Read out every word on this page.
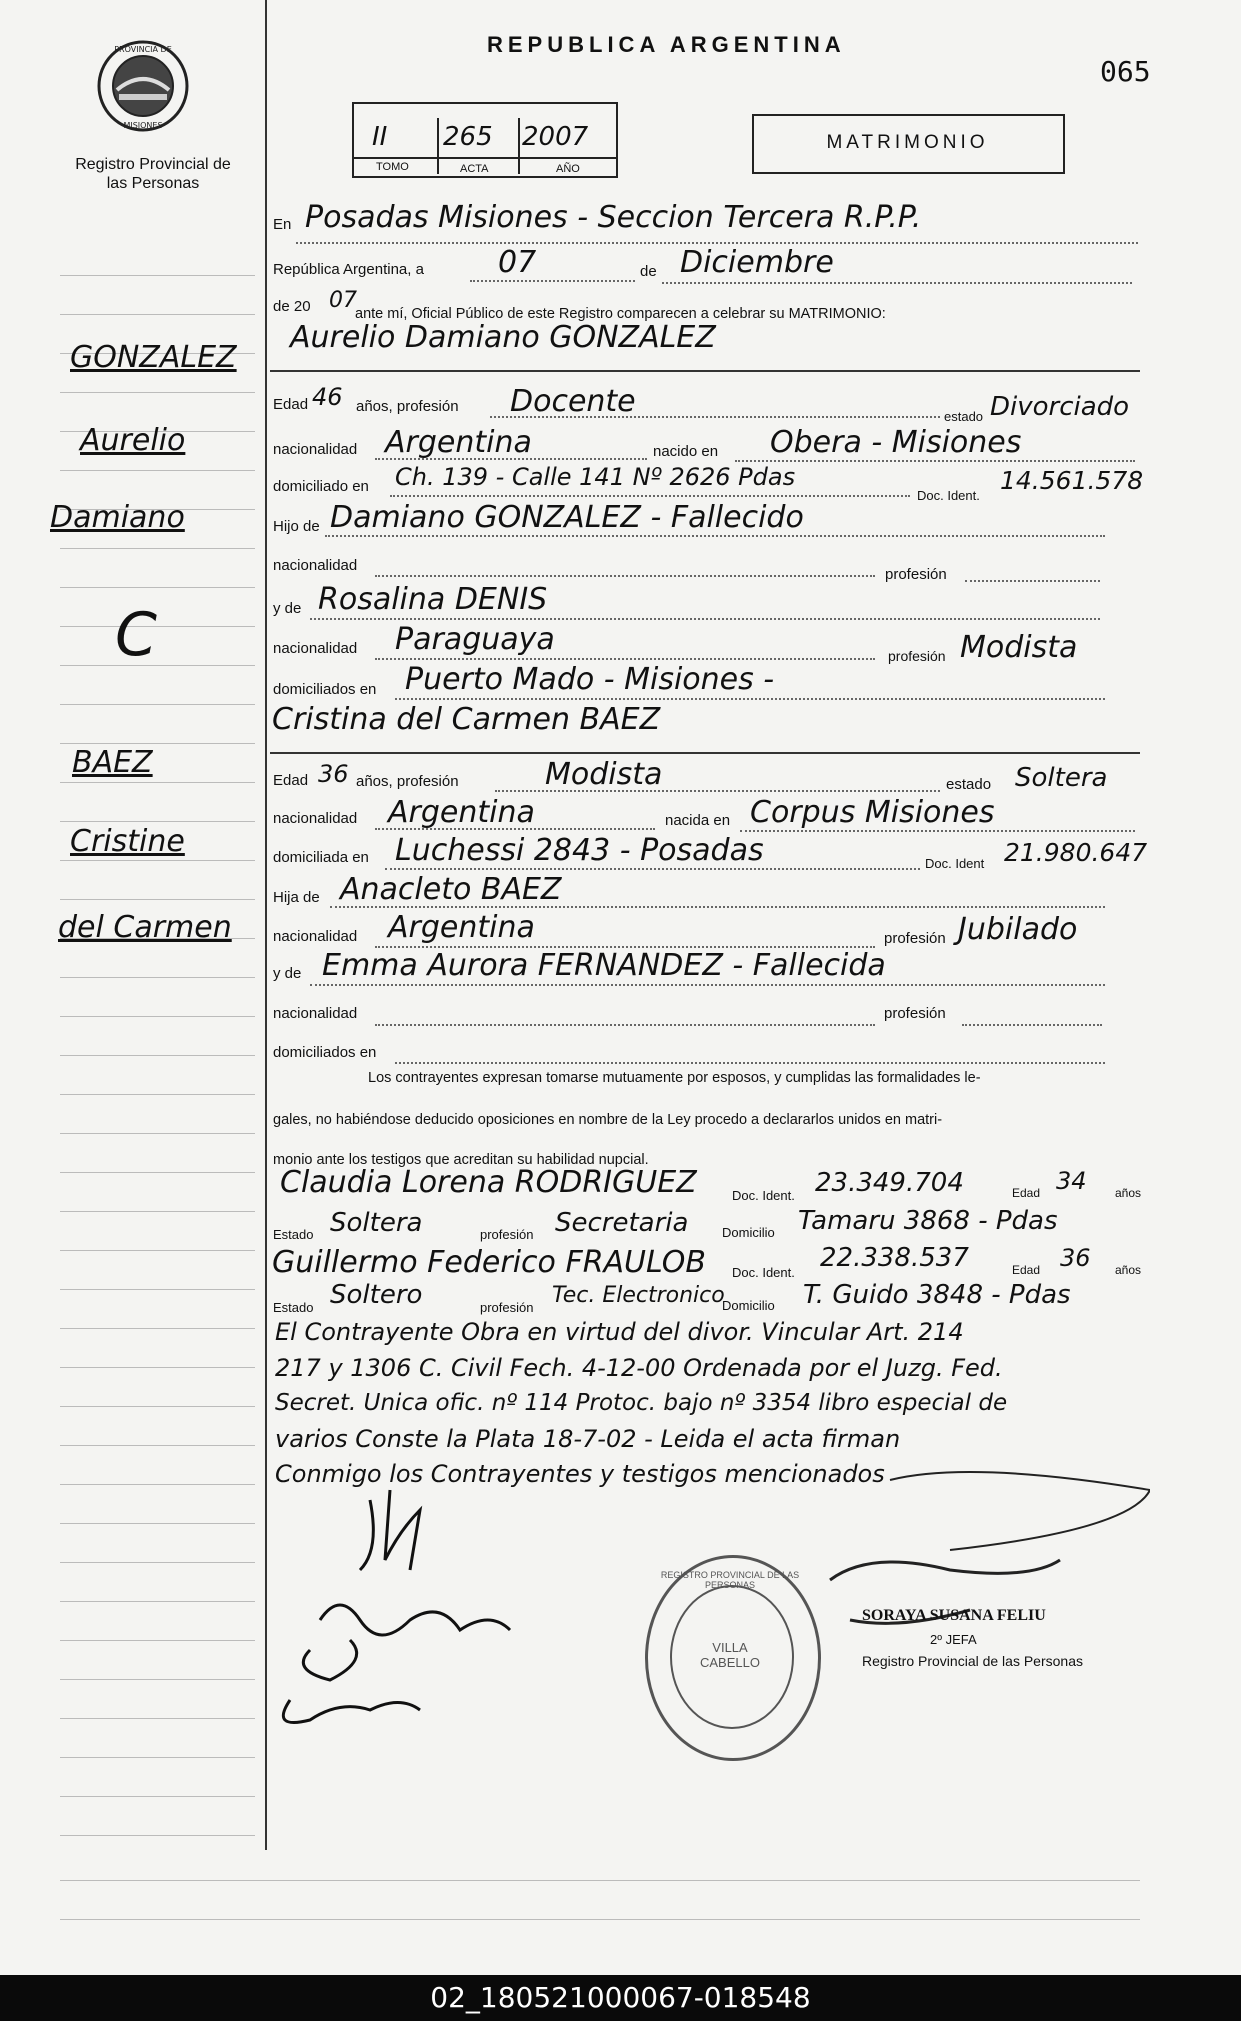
PROVINCIA DE
MISIONES
Registro Provincial de las Personas
REPUBLICA ARGENTINA
065
II 265 2007
TOMO	ACTA	AÑO
MATRIMONIO
GONZALEZ
Aurelio
Damiano
C
BAEZ
Cristine
del Carmen
En Posadas Misiones - Seccion Tercera R.P.P.
República Argentina, a 07	de Diciembre
de 20 07
ante mí, Oficial Público de este Registro comparecen a celebrar su MATRIMONIO:
Aurelio Damiano GONZALEZ
Edad 46 años, profesión Docente	estado Divorciado
nacionalidad Argentina	nacido en Obera - Misiones
domiciliado en Ch. 139 - Calle 141 Nº 2626 Pdas
Doc. Ident.
14.561.578
Hijo de Damiano GONZALEZ - Fallecido
nacionalidad
profesión
y de Rosalina DENIS
nacionalidad Paraguaya	profesión Modista
domiciliados en Puerto Mado - Misiones -
Cristina del Carmen BAEZ
Edad 36 años, profesión	Modista	estado Soltera
nacionalidad Argentina	nacida en Corpus Misiones
domiciliada en Luchessi 2843 - Posadas	Doc. Ident 21.980.647
Hija de Anacleto BAEZ
nacionalidad Argentina	profesión Jubilado
y de Emma Aurora FERNANDEZ - Fallecida
nacionalidad	profesión
domiciliados en
Los contrayentes expresan tomarse mutuamente por esposos, y cumplidas las formalidades le-
gales, no habiéndose deducido oposiciones en nombre de la Ley procedo a declararlos unidos en matri-
monio ante los testigos que acreditan su habilidad nupcial.
Claudia Lorena RODRIGUEZ	Doc. Ident. 23.349.704	Edad 34 años
Estado Soltera	profesión Secretaria	Domicilio Tamaru 3868 - Pdas
Guillermo Federico FRAULOB Doc. Ident. 22.338.537	Edad 36 años
Estado Soltero	profesión Tec. Electronico
Domicilio T. Guido 3848 - Pdas
El Contrayente Obra en virtud del divor. Vincular Art. 214
217 y 1306 C. Civil Fech. 4-12-00 Ordenada por el Juzg. Fed.
Secret. Unica ofic. nº 114 Protoc. bajo nº 3354 libro especial de
varios Conste la Plata 18-7-02 - Leida el acta firman
Conmigo los Contrayentes y testigos mencionados
REGISTRO PROVINCIAL DE LAS PERSONAS
VILLA CABELLO
SORAYA SUSANA FELIU
2º JEFA
Registro Provincial de las Personas
02_180521000067-018548
